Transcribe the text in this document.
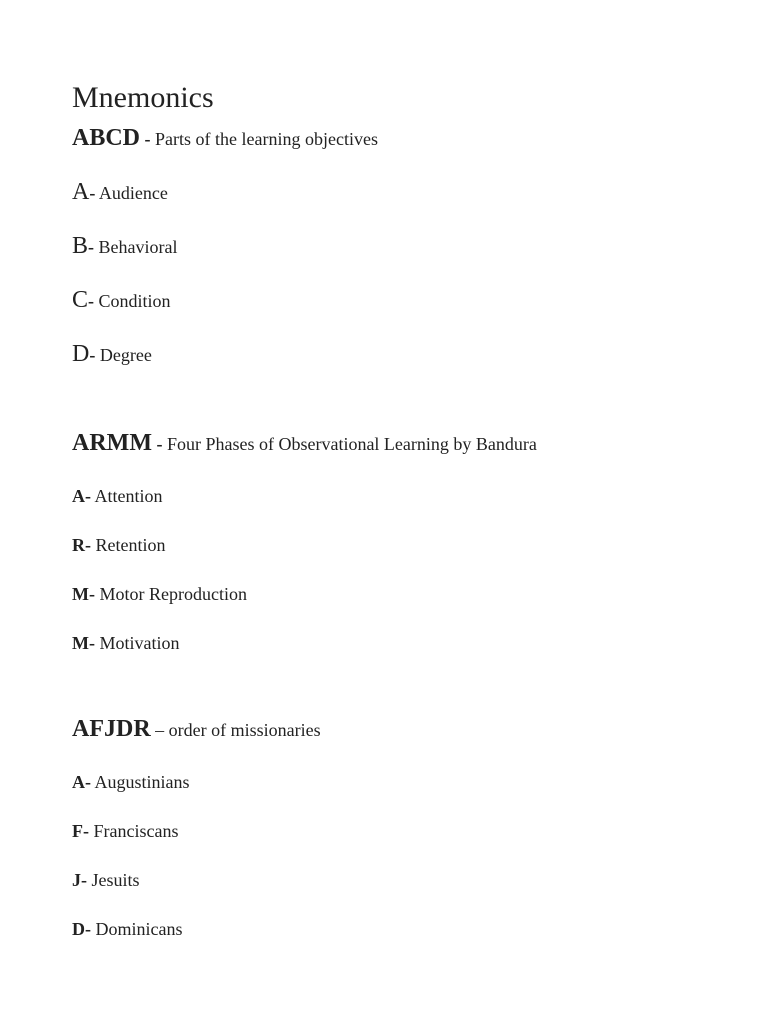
Mnemonics

ABCD - Parts of the learning objectives

A- Audience

B- Behavioral

C- Condition

D- Degree

ARMM - Four Phases of Observational Learning by Bandura

A- Attention

R- Retention

M- Motor Reproduction

M- Motivation

AFJDR – order of missionaries

A- Augustinians

F- Franciscans

J- Jesuits

D- Dominicans
